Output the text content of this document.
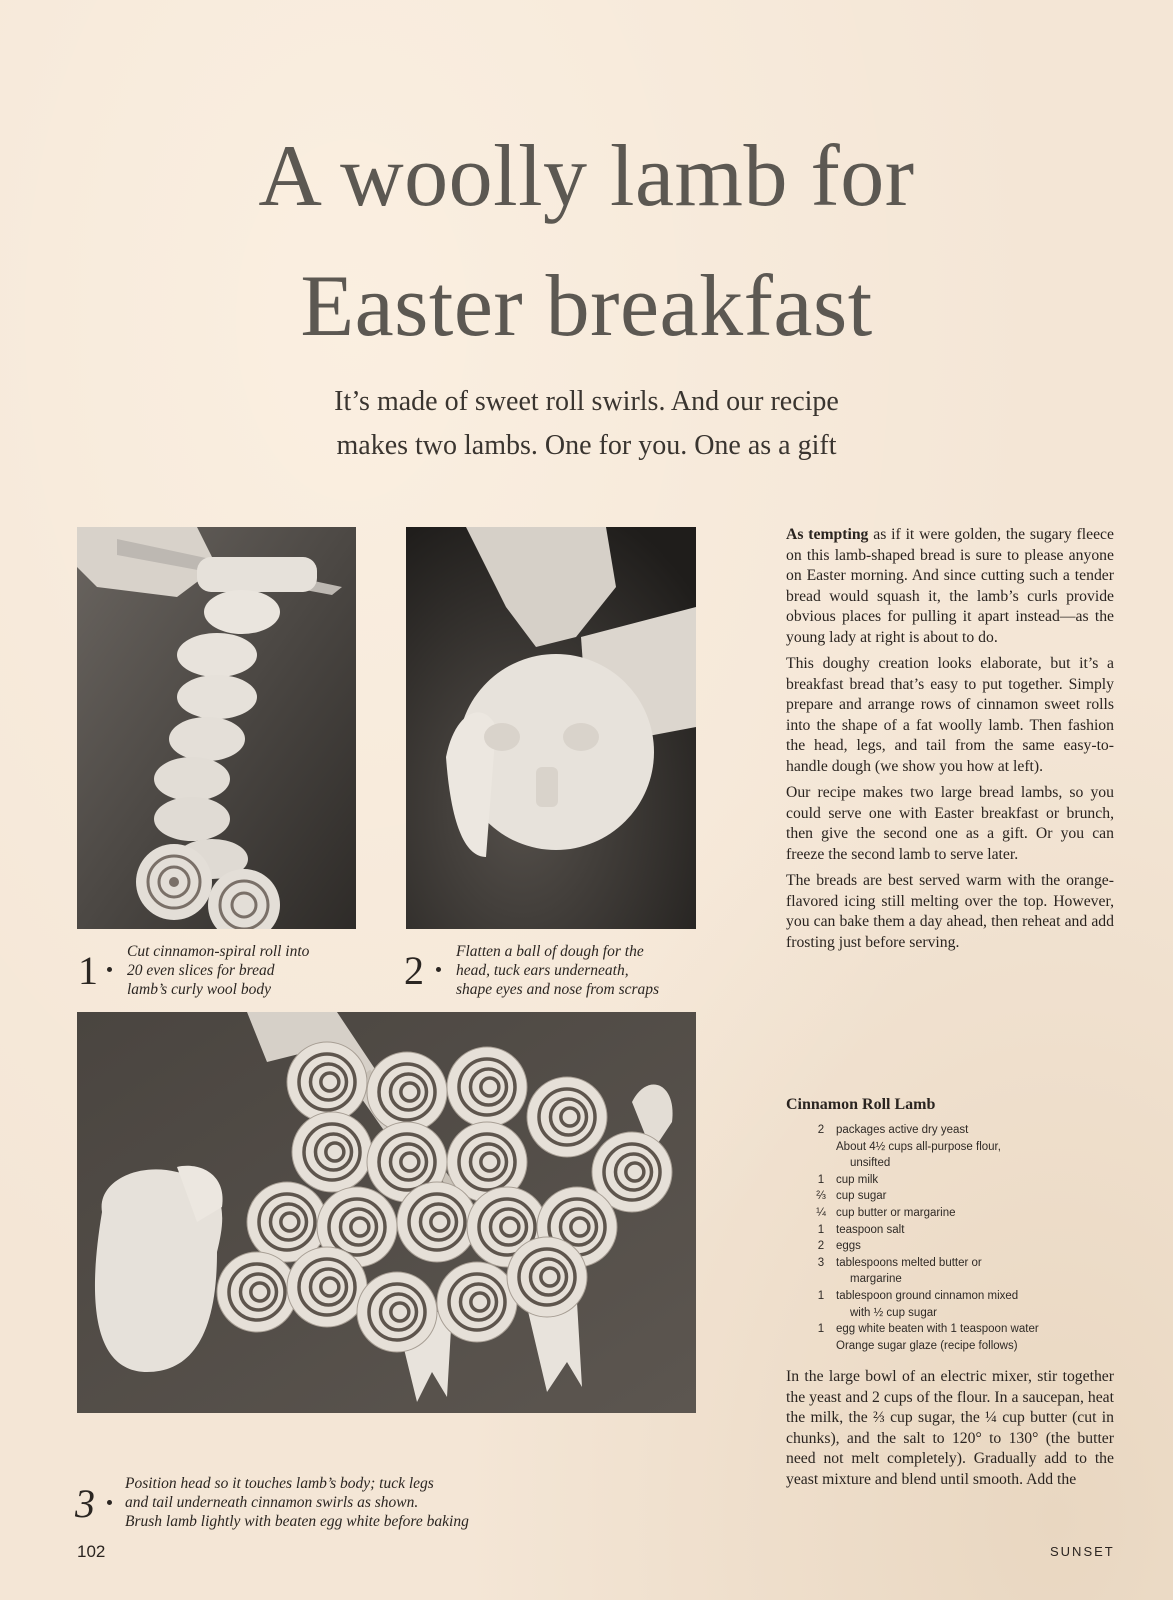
A woolly lamb for
Easter breakfast

It’s made of sweet roll swirls. And our recipe
makes two lambs. One for you. One as a gift

1 Cut cinnamon-spiral roll into
20 even slices for bread
lamb’s curly wool body	2 Flatten a ball of dough for the
head, tuck ears underneath,
shape eyes and nose from scraps
3 Position head so it touches lamb’s body; tuck legs
and tail underneath cinnamon swirls as shown.
Brush lamb lightly with beaten egg white before baking

As tempting as if it were golden, the sugary fleece on this lamb-shaped bread is sure to please anyone on Easter morning. And since cutting such a tender bread would squash it, the lamb’s curls provide obvious places for pulling it apart instead—as the young lady at right is about to do.

This doughy creation looks elaborate, but it’s a breakfast bread that’s easy to put together. Simply prepare and arrange rows of cinnamon sweet rolls into the shape of a fat woolly lamb. Then fashion the head, legs, and tail from the same easy-to-handle dough (we show you how at left).

Our recipe makes two large bread lambs, so you could serve one with Easter breakfast or brunch, then give the second one as a gift. Or you can freeze the second lamb to serve later.

The breads are best served warm with the orange-flavored icing still melting over the top. However, you can bake them a day ahead, then reheat and add frosting just before serving.

Cinnamon Roll Lamb
2	packages active dry yeast
About 4½ cups all-purpose flour,
unsifted
1	cup milk
⅔ cup sugar
¼ cup butter or margarine
1	teaspoon salt
2	eggs
3	tablespoons melted butter or
margarine
1	tablespoon ground cinnamon mixed
with ½ cup sugar
1	egg white beaten with 1 teaspoon water
Orange sugar glaze (recipe follows)

In the large bowl of an electric mixer, stir together the yeast and 2 cups of the flour. In a saucepan, heat the milk, the ⅔ cup sugar, the ¼ cup butter (cut in chunks), and the salt to 120° to 130° (the butter need not melt completely). Gradually add to the yeast mixture and blend until smooth. Add the

102	SUNSET
